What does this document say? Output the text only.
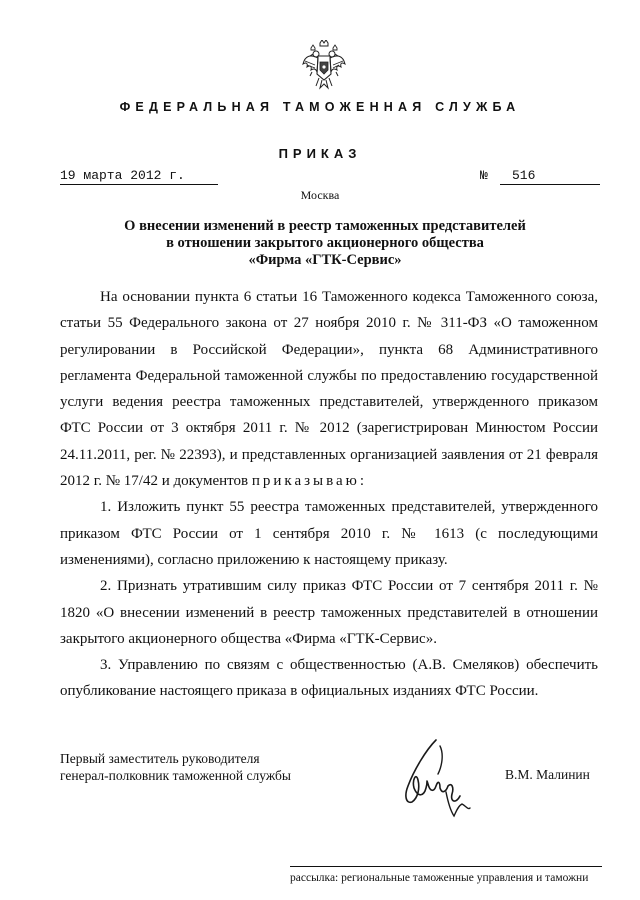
ФЕДЕРАЛЬНАЯ ТАМОЖЕННАЯ СЛУЖБА
ПРИКАЗ
19 марта 2012 г.	№ 516
Москва
О внесении изменений в реестр таможенных представителей
в отношении закрытого акционерного общества
«Фирма «ГТК-Сервис»

На основании пункта 6 статьи 16 Таможенного кодекса Таможенного союза, статьи 55 Федерального закона от 27 ноября 2010 г. № 311-ФЗ «О таможенном регулировании в Российской Федерации», пункта 68 Административного регламента Федеральной таможенной службы по предоставлению государственной услуги ведения реестра таможенных представителей, утвержденного приказом ФТС России от 3 октября 2011 г. № 2012 (зарегистрирован Минюстом России 24.11.2011, рег. № 22393), и представленных организацией заявления от 21 февраля 2012 г. № 17/42 и документов приказываю:

1. Изложить пункт 55 реестра таможенных представителей, утвержденного приказом ФТС России от 1 сентября 2010 г. № 1613 (с последующими изменениями), согласно приложению к настоящему приказу.

2. Признать утратившим силу приказ ФТС России от 7 сентября 2011 г. № 1820 «О внесении изменений в реестр таможенных представителей в отношении закрытого акционерного общества «Фирма «ГТК-Сервис».

3. Управлению по связям с общественностью (А.В. Смеляков) обеспечить опубликование настоящего приказа в официальных изданиях ФТС России.

Первый заместитель руководителя
генерал-полковник таможенной службы	В.М. Малинин
рассылка: региональные таможенные управления и таможни
